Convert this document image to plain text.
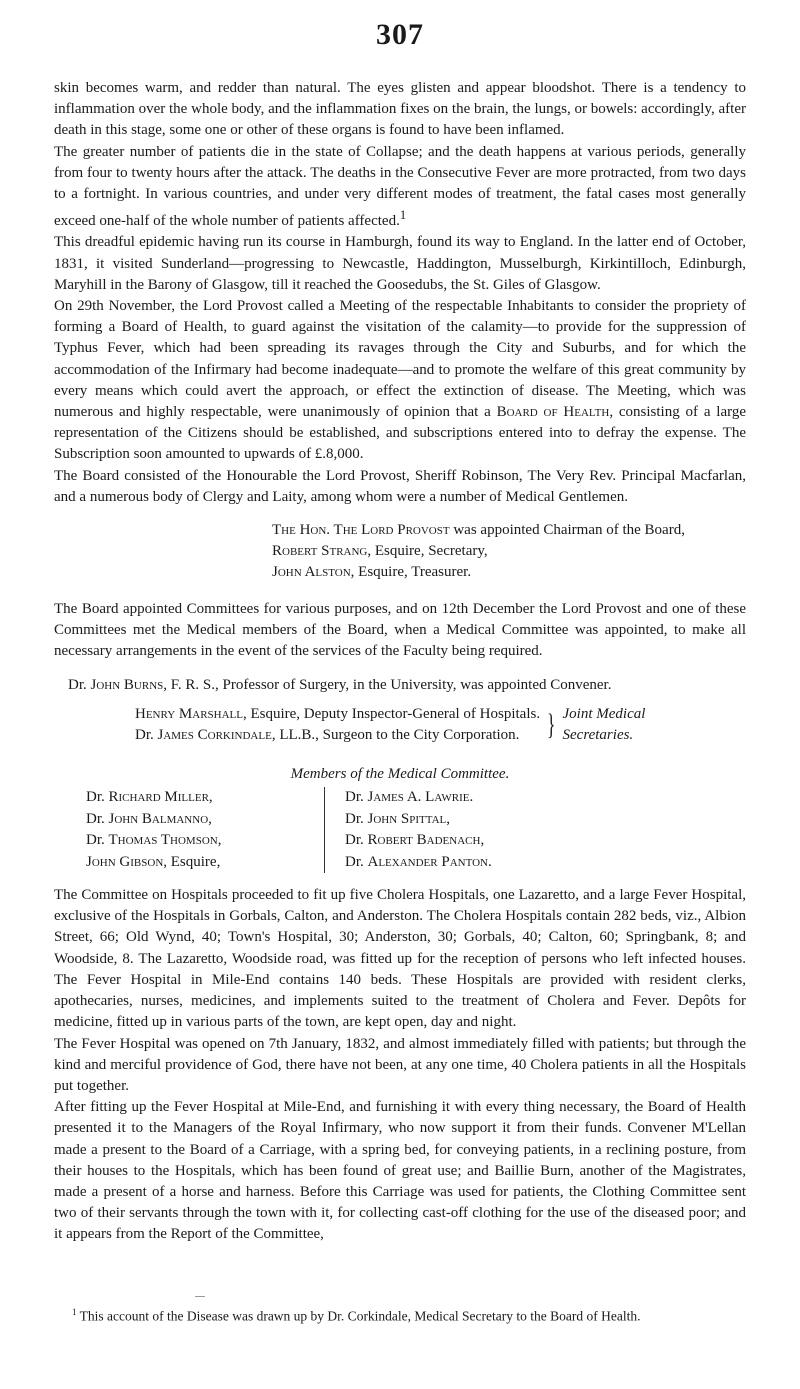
307

skin becomes warm, and redder than natural. The eyes glisten and appear bloodshot. There is a tendency to inflammation over the whole body, and the inflammation fixes on the brain, the lungs, or bowels: accordingly, after death in this stage, some one or other of these organs is found to have been inflamed.

The greater number of patients die in the state of Collapse; and the death happens at various periods, generally from four to twenty hours after the attack. The deaths in the Consecutive Fever are more protracted, from two days to a fortnight. In various countries, and under very different modes of treatment, the fatal cases most generally exceed one-half of the whole number of patients affected.$^1$

This dreadful epidemic having run its course in Hamburgh, found its way to England. In the latter end of October, 1831, it visited Sunderland—progressing to Newcastle, Haddington, Musselburgh, Kirkintilloch, Edinburgh, Maryhill in the Barony of Glasgow, till it reached the Goosedubs, the St. Giles of Glasgow.

On 29th November, the Lord Provost called a Meeting of the respectable Inhabitants to consider the propriety of forming a Board of Health, to guard against the visitation of the calamity—to provide for the suppression of Typhus Fever, which had been spreading its ravages through the City and Suburbs, and for which the accommodation of the Infirmary had become inadequate—and to promote the welfare of this great community by every means which could avert the approach, or effect the extinction of disease. The Meeting, which was numerous and highly respectable, were unanimously of opinion that a Board of Health, consisting of a large representation of the Citizens should be established, and subscriptions entered into to defray the expense. The Subscription soon amounted to upwards of £.8,000.

The Board consisted of the Honourable the Lord Provost, Sheriff Robinson, The Very Rev. Principal Macfarlan, and a numerous body of Clergy and Laity, among whom were a number of Medical Gentlemen.

The Hon. The Lord Provost was appointed Chairman of the Board,
Robert Strang, Esquire, Secretary,
John Alston, Esquire, Treasurer.

The Board appointed Committees for various purposes, and on 12th December the Lord Provost and one of these Committees met the Medical members of the Board, when a Medical Committee was appointed, to make all necessary arrangements in the event of the services of the Faculty being required.

Dr. John Burns, F. R. S., Professor of Surgery, in the University, was appointed Convener.

Henry Marshall, Esquire, Deputy Inspector-General of Hospitals.
Dr. James Corkindale, LL.B., Surgeon to the City Corporation. } Joint Medical
Secretaries.
Members of the Medical Committee.
Dr. Richard Miller,
Dr. John Balmanno,
Dr. Thomas Thomson,
John Gibson, Esquire,
Dr. James A. Lawrie.
Dr. John Spittal,
Dr. Robert Badenach,
Dr. Alexander Panton.

The Committee on Hospitals proceeded to fit up five Cholera Hospitals, one Lazaretto, and a large Fever Hospital, exclusive of the Hospitals in Gorbals, Calton, and Anderston. The Cholera Hospitals contain 282 beds, viz., Albion Street, 66; Old Wynd, 40; Town's Hospital, 30; Anderston, 30; Gorbals, 40; Calton, 60; Springbank, 8; and Woodside, 8. The Lazaretto, Woodside road, was fitted up for the reception of persons who left infected houses. The Fever Hospital in Mile-End contains 140 beds. These Hospitals are provided with resident clerks, apothecaries, nurses, medicines, and implements suited to the treatment of Cholera and Fever. Depôts for medicine, fitted up in various parts of the town, are kept open, day and night.

The Fever Hospital was opened on 7th January, 1832, and almost immediately filled with patients; but through the kind and merciful providence of God, there have not been, at any one time, 40 Cholera patients in all the Hospitals put together.

After fitting up the Fever Hospital at Mile-End, and furnishing it with every thing necessary, the Board of Health presented it to the Managers of the Royal Infirmary, who now support it from their funds. Convener M'Lellan made a present to the Board of a Carriage, with a spring bed, for conveying patients, in a reclining posture, from their houses to the Hospitals, which has been found of great use; and Baillie Burn, another of the Magistrates, made a present of a horse and harness. Before this Carriage was used for patients, the Clothing Committee sent two of their servants through the town with it, for collecting cast-off clothing for the use of the diseased poor; and it appears from the Report of the Committee,

$^1$ This account of the Disease was drawn up by Dr. Corkindale, Medical Secretary to the Board of Health.
